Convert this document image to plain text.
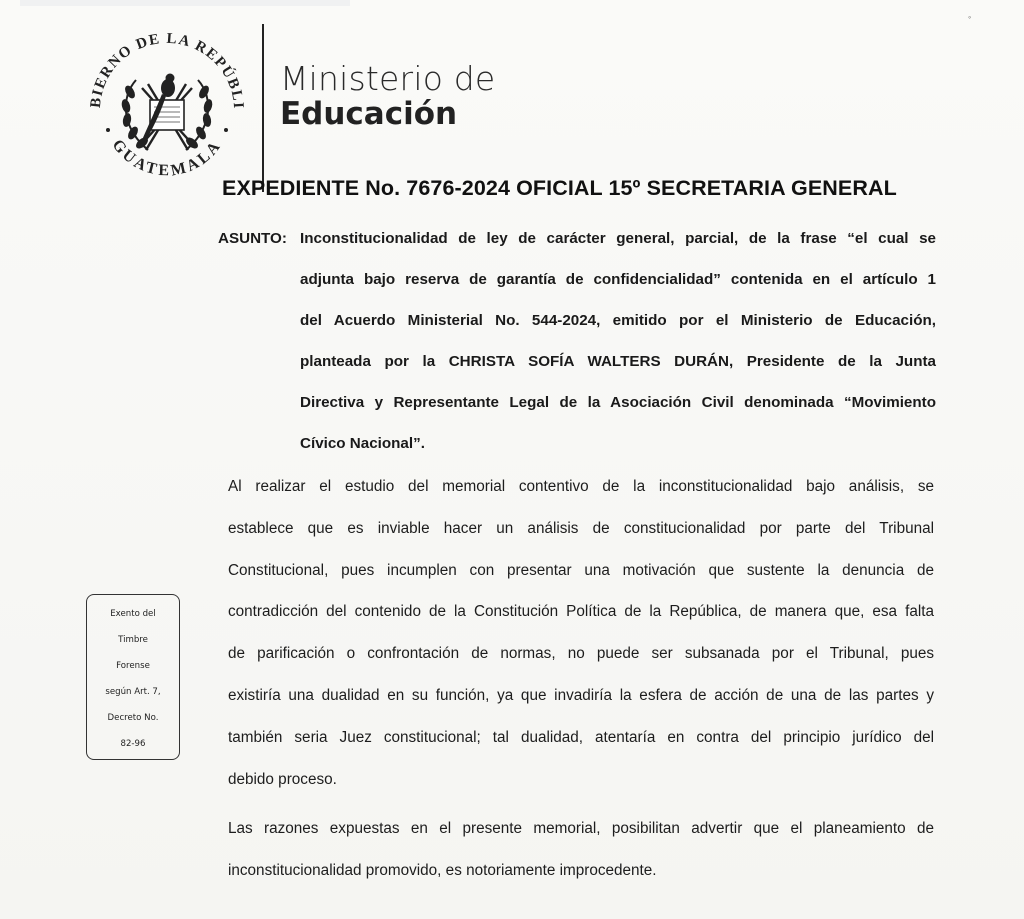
◦
BIERNO DE LA REPÚBLI
GUATEMALA
Ministerio de
Educación
EXPEDIENTE No. 7676-2024 OFICIAL 15º SECRETARIA GENERAL
ASUNTO: Inconstitucionalidad de ley de carácter general, parcial, de la frase “el cual se
adjunta bajo reserva de garantía de confidencialidad” contenida en el artículo 1
del Acuerdo Ministerial No. 544-2024, emitido por el Ministerio de Educación,
planteada por la CHRISTA SOFÍA WALTERS DURÁN, Presidente de la Junta
Directiva y Representante Legal de la Asociación Civil denominada “Movimiento
Cívico Nacional”.
Al realizar el estudio del memorial contentivo de la inconstitucionalidad bajo análisis, se
establece que es inviable hacer un análisis de constitucionalidad por parte del Tribunal
Constitucional, pues incumplen con presentar una motivación que sustente la denuncia de
contradicción del contenido de la Constitución Política de la República, de manera que, esa falta
de parificación o confrontación de normas, no puede ser subsanada por el Tribunal, pues
existiría una dualidad en su función, ya que invadiría la esfera de acción de una de las partes y
también seria Juez constitucional; tal dualidad, atentaría en contra del principio jurídico del
debido proceso.
Las razones expuestas en el presente memorial, posibilitan advertir que el planeamiento de
inconstitucionalidad promovido, es notoriamente improcedente.
Exento del
Timbre
Forense
según Art. 7,
Decreto No.
82-96
